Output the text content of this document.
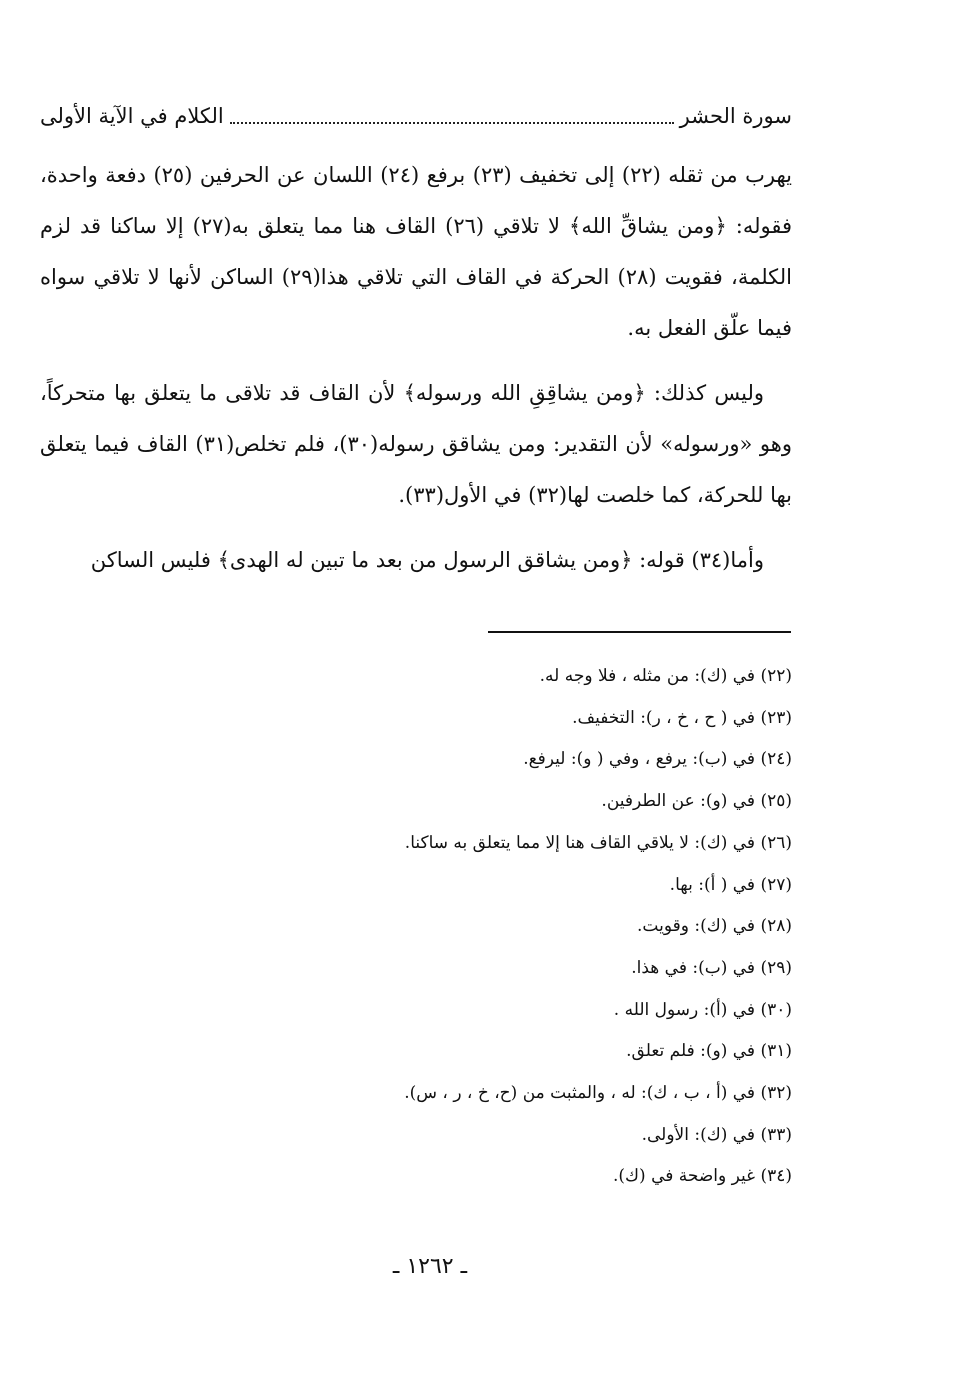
سورة الحشر
الكلام في الآية الأولى

يهرب من ثقله (٢٢) إلى تخفيف (٢٣) برفع (٢٤) اللسان عن الحرفين (٢٥) دفعة واحدة، فقوله: ﴿ومن يشاقِّ الله﴾ لا تلاقي (٢٦) القاف هنا مما يتعلق به(٢٧) إلا ساكنا قد لزم الكلمة، فقويت (٢٨) الحركة في القاف التي تلاقي هذا(٢٩) الساكن لأنها لا تلاقي سواه فيما علّق الفعل به.

وليس كذلك: ﴿ومن يشاقِقِ الله ورسوله﴾ لأن القاف قد تلاقى ما يتعلق بها متحركاً، وهو «ورسوله» لأن التقدير: ومن يشاقق رسوله(٣٠)، فلم تخلص(٣١) القاف فيما يتعلق بها للحركة، كما خلصت لها(٣٢) في الأول(٣٣).

وأما(٣٤) قوله: ﴿ومن يشاقق الرسول من بعد ما تبين له الهدى﴾ فليس الساكن

(٢٢) في (ك): من مثله ، فلا وجه له.
(٢٣) في ( ح ، خ ، ر): التخفيف.
(٢٤) في (ب): يرفع ، وفي ( و): ليرفع.
(٢٥) في (و): عن الطرفين.
(٢٦) في (ك): لا يلاقي القاف هنا إلا مما يتعلق به ساكنا.
(٢٧) في ( أ): بها.
(٢٨) في (ك): وقويت.
(٢٩) في (ب): في هذا.
(٣٠) في (أ): رسول الله .
(٣١) في (و): فلم تعلق.
(٣٢) في (أ ، ب ، ك): له ، والمثبت من (ح، خ ، ر ، س).
(٣٣) في (ك): الأولى.
(٣٤) غير واضحة في (ك).
ـ ١٢٦٢ ـ
